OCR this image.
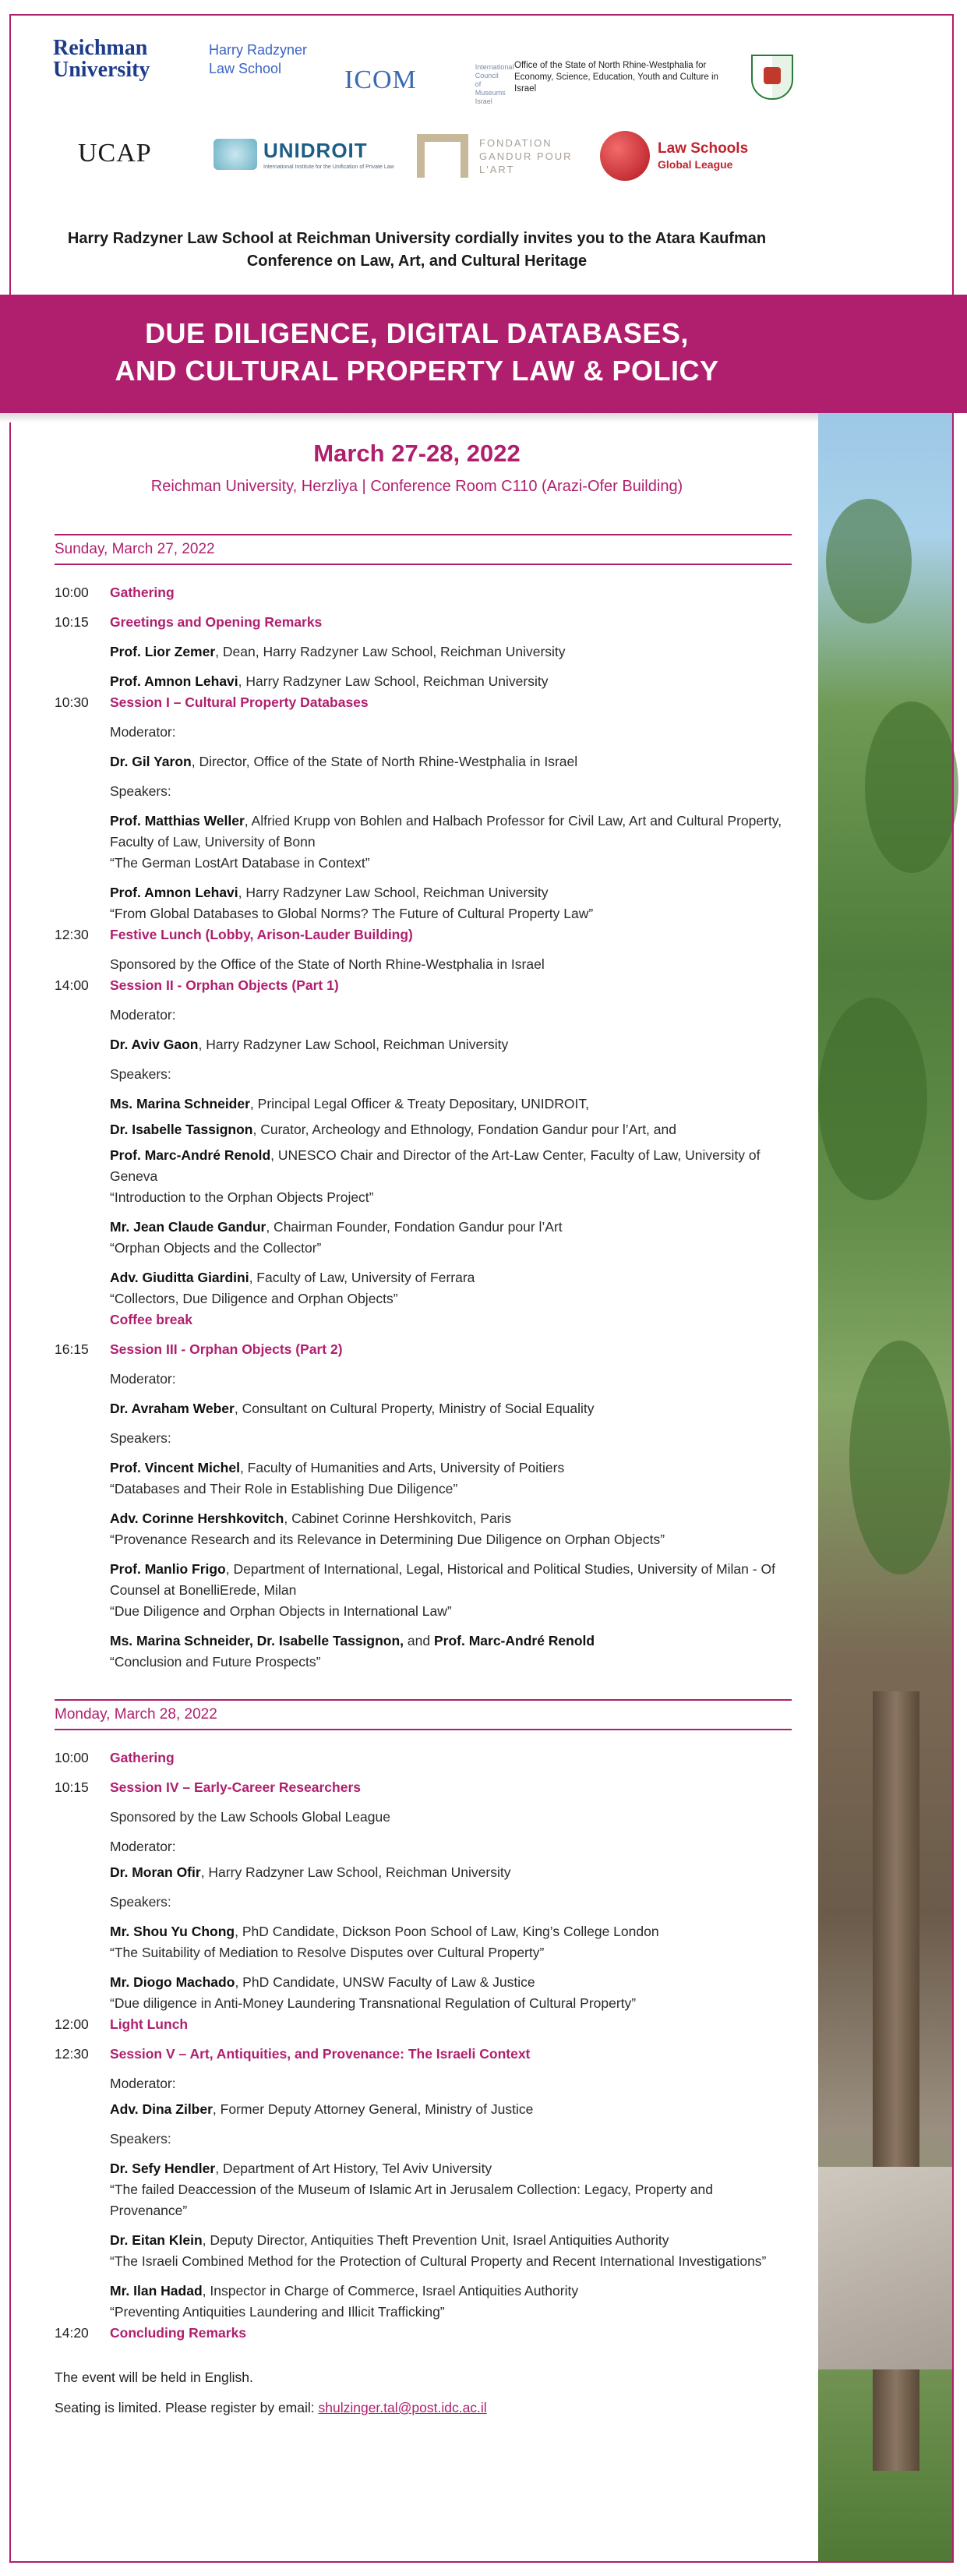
Reichman University
Harry Radzyner Law School	ICOM	International Council of Museums Israel
Office of the State of North Rhine-Westphalia for Economy, Science, Education, Youth and Culture in Israel
UCAP	UNIDROIT
International Institute for the Unification of Private Law
FONDATION GANDUR POUR L'ART
Law Schools
Global League
Harry Radzyner Law School at Reichman University cordially invites you to the Atara Kaufman Conference on Law, Art, and Cultural Heritage
DUE DILIGENCE, DIGITAL DATABASES,
AND CULTURAL PROPERTY LAW & POLICY
March 27-28, 2022
Reichman University, Herzliya | Conference Room C110 (Arazi-Ofer Building)
Sunday, March 27, 2022
10:00 Gathering
10:15 Greetings and Opening Remarks
Prof. Lior Zemer, Dean, Harry Radzyner Law School, Reichman University
Prof. Amnon Lehavi, Harry Radzyner Law School, Reichman University
10:30 Session I – Cultural Property Databases
Moderator:
Dr. Gil Yaron, Director, Office of the State of North Rhine-Westphalia in Israel
Speakers:
Prof. Matthias Weller, Alfried Krupp von Bohlen and Halbach Professor for Civil Law, Art and Cultural Property, Faculty of Law, University of Bonn
“The German LostArt Database in Context”
Prof. Amnon Lehavi, Harry Radzyner Law School, Reichman University
“From Global Databases to Global Norms? The Future of Cultural Property Law”
12:30 Festive Lunch (Lobby, Arison-Lauder Building)
Sponsored by the Office of the State of North Rhine-Westphalia in Israel
14:00 Session II - Orphan Objects (Part 1)
Moderator:
Dr. Aviv Gaon, Harry Radzyner Law School, Reichman University
Speakers:
Ms. Marina Schneider, Principal Legal Officer & Treaty Depositary, UNIDROIT,
Dr. Isabelle Tassignon, Curator, Archeology and Ethnology, Fondation Gandur pour l’Art, and
Prof. Marc-André Renold, UNESCO Chair and Director of the Art-Law Center, Faculty of Law, University of Geneva
“Introduction to the Orphan Objects Project”
Mr. Jean Claude Gandur, Chairman Founder, Fondation Gandur pour l’Art
“Orphan Objects and the Collector”
Adv. Giuditta Giardini, Faculty of Law, University of Ferrara
“Collectors, Due Diligence and Orphan Objects”
Coffee break
16:15 Session III - Orphan Objects (Part 2)
Moderator:
Dr. Avraham Weber, Consultant on Cultural Property, Ministry of Social Equality
Speakers:
Prof. Vincent Michel, Faculty of Humanities and Arts, University of Poitiers
“Databases and Their Role in Establishing Due Diligence”
Adv. Corinne Hershkovitch, Cabinet Corinne Hershkovitch, Paris
“Provenance Research and its Relevance in Determining Due Diligence on Orphan Objects”
Prof. Manlio Frigo, Department of International, Legal, Historical and Political Studies, University of Milan - Of Counsel at BonelliErede, Milan
“Due Diligence and Orphan Objects in International Law”
Ms. Marina Schneider, Dr. Isabelle Tassignon, and Prof. Marc-André Renold
“Conclusion and Future Prospects”
Monday, March 28, 2022
10:00 Gathering
10:15 Session IV – Early-Career Researchers
Sponsored by the Law Schools Global League
Moderator:
Dr. Moran Ofir, Harry Radzyner Law School, Reichman University
Speakers:
Mr. Shou Yu Chong, PhD Candidate, Dickson Poon School of Law, King’s College London
“The Suitability of Mediation to Resolve Disputes over Cultural Property”
Mr. Diogo Machado, PhD Candidate, UNSW Faculty of Law & Justice
“Due diligence in Anti-Money Laundering Transnational Regulation of Cultural Property”
12:00 Light Lunch
12:30 Session V – Art, Antiquities, and Provenance: The Israeli Context
Moderator:
Adv. Dina Zilber, Former Deputy Attorney General, Ministry of Justice
Speakers:
Dr. Sefy Hendler, Department of Art History, Tel Aviv University
“The failed Deaccession of the Museum of Islamic Art in Jerusalem Collection: Legacy, Property and Provenance”
Dr. Eitan Klein, Deputy Director, Antiquities Theft Prevention Unit, Israel Antiquities Authority
“The Israeli Combined Method for the Protection of Cultural Property and Recent International Investigations”
Mr. Ilan Hadad, Inspector in Charge of Commerce, Israel Antiquities Authority
“Preventing Antiquities Laundering and Illicit Trafficking”
14:20 Concluding Remarks
The event will be held in English.
Seating is limited. Please register by email: shulzinger.tal@post.idc.ac.il
